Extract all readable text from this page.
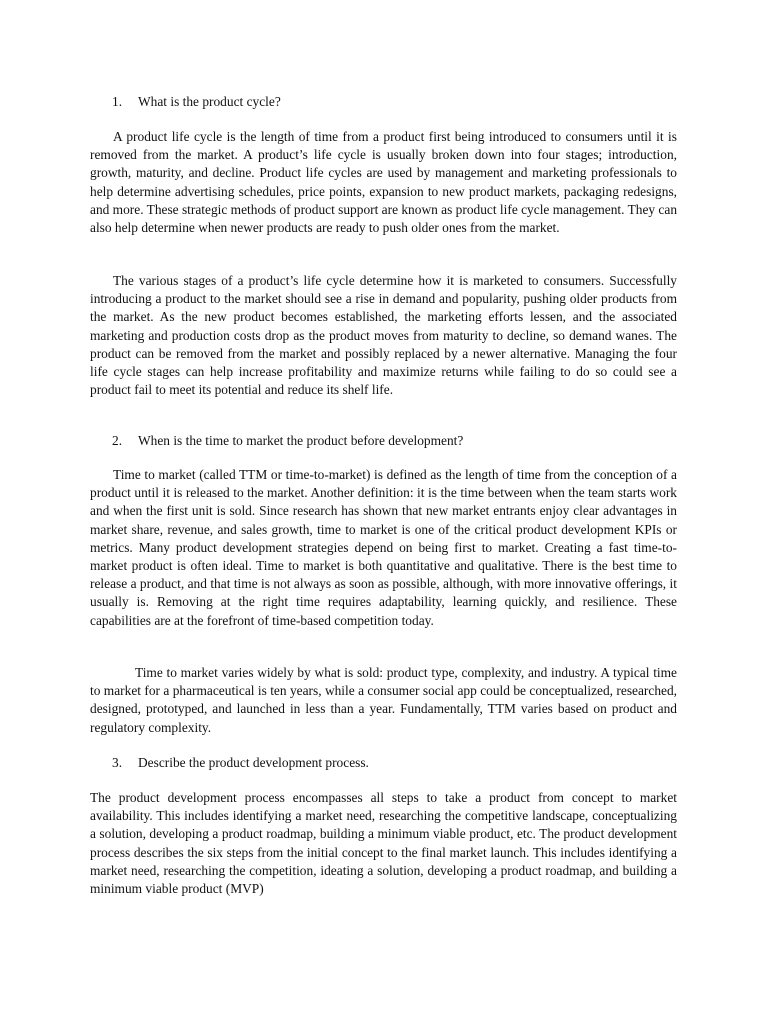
1. What is the product cycle?

A product life cycle is the length of time from a product first being introduced to consumers until it is removed from the market. A product’s life cycle is usually broken down into four stages; introduction, growth, maturity, and decline. Product life cycles are used by management and marketing professionals to help determine advertising schedules, price points, expansion to new product markets, packaging redesigns, and more. These strategic methods of product support are known as product life cycle management. They can also help determine when newer products are ready to push older ones from the market.

The various stages of a product’s life cycle determine how it is marketed to consumers. Successfully introducing a product to the market should see a rise in demand and popularity, pushing older products from the market. As the new product becomes established, the marketing efforts lessen, and the associated marketing and production costs drop as the product moves from maturity to decline, so demand wanes. The product can be removed from the market and possibly replaced by a newer alternative. Managing the four life cycle stages can help increase profitability and maximize returns while failing to do so could see a product fail to meet its potential and reduce its shelf life.

2. When is the time to market the product before development?

Time to market (called TTM or time-to-market) is defined as the length of time from the conception of a product until it is released to the market. Another definition: it is the time between when the team starts work and when the first unit is sold. Since research has shown that new market entrants enjoy clear advantages in market share, revenue, and sales growth, time to market is one of the critical product development KPIs or metrics. Many product development strategies depend on being first to market. Creating a fast time-to-market product is often ideal. Time to market is both quantitative and qualitative. There is the best time to release a product, and that time is not always as soon as possible, although, with more innovative offerings, it usually is. Removing at the right time requires adaptability, learning quickly, and resilience. These capabilities are at the forefront of time-based competition today.

Time to market varies widely by what is sold: product type, complexity, and industry. A typical time to market for a pharmaceutical is ten years, while a consumer social app could be conceptualized, researched, designed, prototyped, and launched in less than a year. Fundamentally, TTM varies based on product and regulatory complexity.

3. Describe the product development process.

The product development process encompasses all steps to take a product from concept to market availability. This includes identifying a market need, researching the competitive landscape, conceptualizing a solution, developing a product roadmap, building a minimum viable product, etc. The product development process describes the six steps from the initial concept to the final market launch. This includes identifying a market need, researching the competition, ideating a solution, developing a product roadmap, and building a minimum viable product (MVP)
